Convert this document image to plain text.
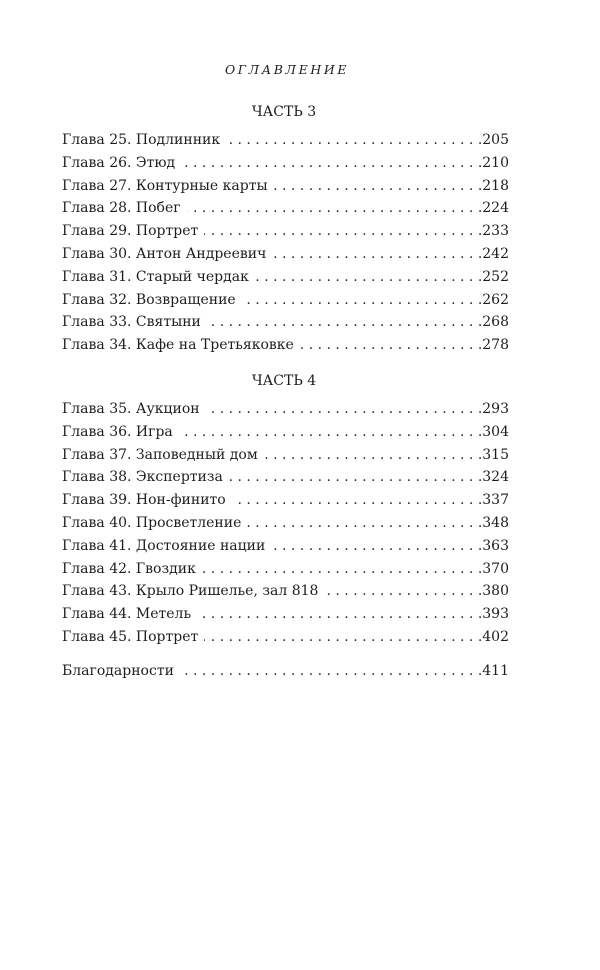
ОГЛАВЛЕНИЕ
ЧАСТЬ 3
Глава 25. Подлинник . . .	205
Глава 26. Этюд . . .	210
Глава 27. Контурные карты . . .	218
Глава 28. Побег . . .	224
Глава 29. Портрет . . .	233
Глава 30. Антон Андреевич . . .	242
Глава 31. Старый чердак . . .	252
Глава 32. Возвращение . . .	262
Глава 33. Святыни . . .	268
Глава 34. Кафе на Третьяковке . . .	278
ЧАСТЬ 4
Глава 35. Аукцион . . .	293
Глава 36. Игра . . .	304
Глава 37. Заповедный дом . . .	315
Глава 38. Экспертиза . . .	324
Глава 39. Нон-финито . . .	337
Глава 40. Просветление . . .	348
Глава 41. Достояние нации . . .	363
Глава 42. Гвоздик . . .	370
Глава 43. Крыло Ришелье, зал 818 . . .	380
Глава 44. Метель . . .	393
Глава 45. Портрет . . .	402
Благодарности . . .	411
